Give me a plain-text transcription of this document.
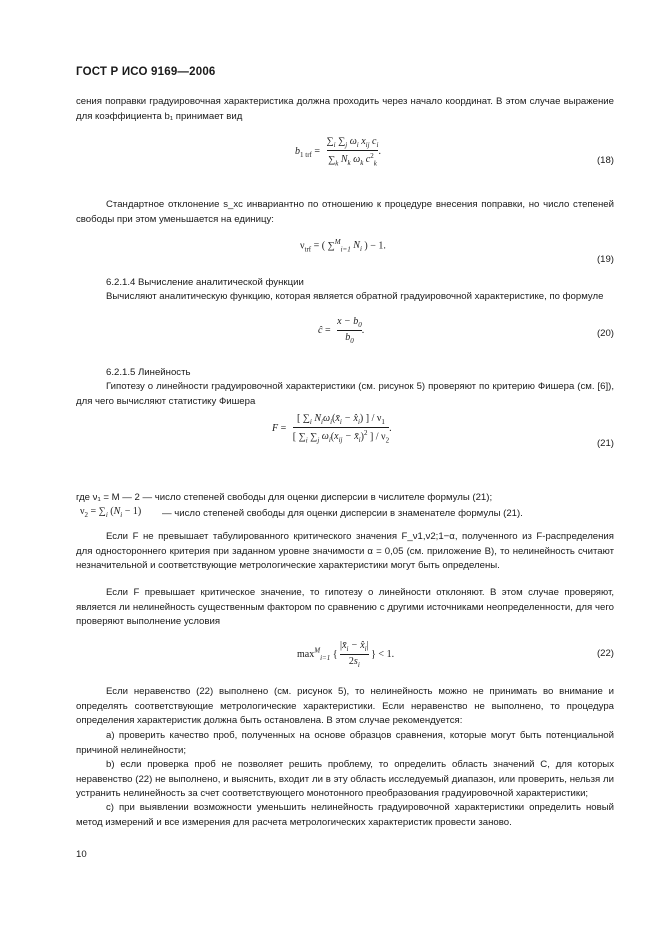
ГОСТ Р ИСО 9169—2006
сения поправки градуировочная характеристика должна проходить через начало координат. В этом случае выражение для коэффициента b₁ принимает вид
$b_{1 trf}$ =
$\sum_i$ $\sum_j$ $\omega_i$ $x_{ij}$ $c_i$
$\sum_k$ $N_k$ $\omega_k$ $c^2_k$
.
(18)
Стандартное отклонение s_xc инвариантно по отношению к процедуре внесения поправки, но число степеней свободы при этом уменьшается на единицу:
$\nu_{trf}$ = ( ∑$^M_{i=1}$ $N_i$ ) − 1.
(19)
6.2.1.4 Вычисление аналитической функции
Вычисляют аналитическую функцию, которая является обратной градуировочной характеристике, по формуле
ĉ = $\frac{x - b_0}{b_0}$ .	(20)
6.2.1.5 Линейность
Гипотезу о линейности градуировочной характеристики (см. рисунок 5) проверяют по критерию Фишера (см. [6]), для чего вычисляют статистику Фишера
F =
[ $\sum_i$ $N_i\omega_i(x̄_i$ − $x̂_i$) ] / $\nu_1$
[ $\sum_i$ $\sum_j$ $\omega_i(x_{ij}$ − $x̄_i)^2$ ] / $\nu_2$
.
(21)
где ν₁ = M — 2 — число степеней свободы для оценки дисперсии в числителе формулы (21);
$\nu_2 = \sum_i$ $(N_i - 1)$ — число степеней свободы для оценки дисперсии в знаменателе формулы (21).
Если F не превышает табулированного критического значения F_ν1,ν2;1−α, полученного из F-распределения для одностороннего критерия при заданном уровне значимости α = 0,05 (см. приложение В), то нелинейность считают незначительной и соответствующие метрологические характеристики могут быть определены.
Если F превышает критическое значение, то гипотезу о линейности отклоняют. В этом случае проверяют, является ли нелинейность существенным фактором по сравнению с другими источниками неопределенности, для чего проверяют выполнение условия
$\max^M_{i=1}$ { $\frac{|x̄_i - x̂_i|}{2s_i}$ } < 1.	(22)
Если неравенство (22) выполнено (см. рисунок 5), то нелинейность можно не принимать во внимание и определять соответствующие метрологические характеристики. Если неравенство не выполнено, то процедура определения характеристик должна быть остановлена. В этом случае рекомендуется:
a) проверить качество проб, полученных на основе образцов сравнения, которые могут быть потенциальной причиной нелинейности;
b) если проверка проб не позволяет решить проблему, то определить область значений C, для которых неравенство (22) не выполнено, и выяснить, входит ли в эту область исследуемый диапазон, или проверить, нельзя ли устранить нелинейность за счет соответствующего монотонного преобразования градуировочной характеристики;
c) при выявлении возможности уменьшить нелинейность градуировочной характеристики определить новый метод измерений и все измерения для расчета метрологических характеристик провести заново.
10
